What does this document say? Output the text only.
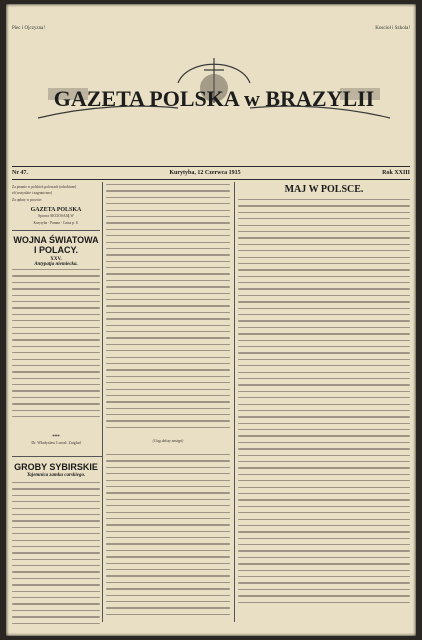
Piec i Ojczyzna!	Kosciol i Szkola!
GAZETA POLSKA w BRAZYLII
Nr 47.	Kurytyba, 12 Czerwca 1915	Rok XXIII
Za pisanie w polskich polowach (odrobione)
zł (wszystkie i zagraniczne)
Za opłaty w poczcie:
GAZETA POLSKA
Sprawa AKCIOSAJĄ W
Kurytyba - Parana - Caixa p. 8.
WOJNA ŚWIATOWA I POLACY.
XXV.
Antypatja niemiecka.
***
Dr. Władysław Lutosł. Zaiglad
GROBY SYBIRSKIE
Tajemnica zamku carskiego.
(Ciąg dalszy nastąpi)
MAJ W POLSCE.
